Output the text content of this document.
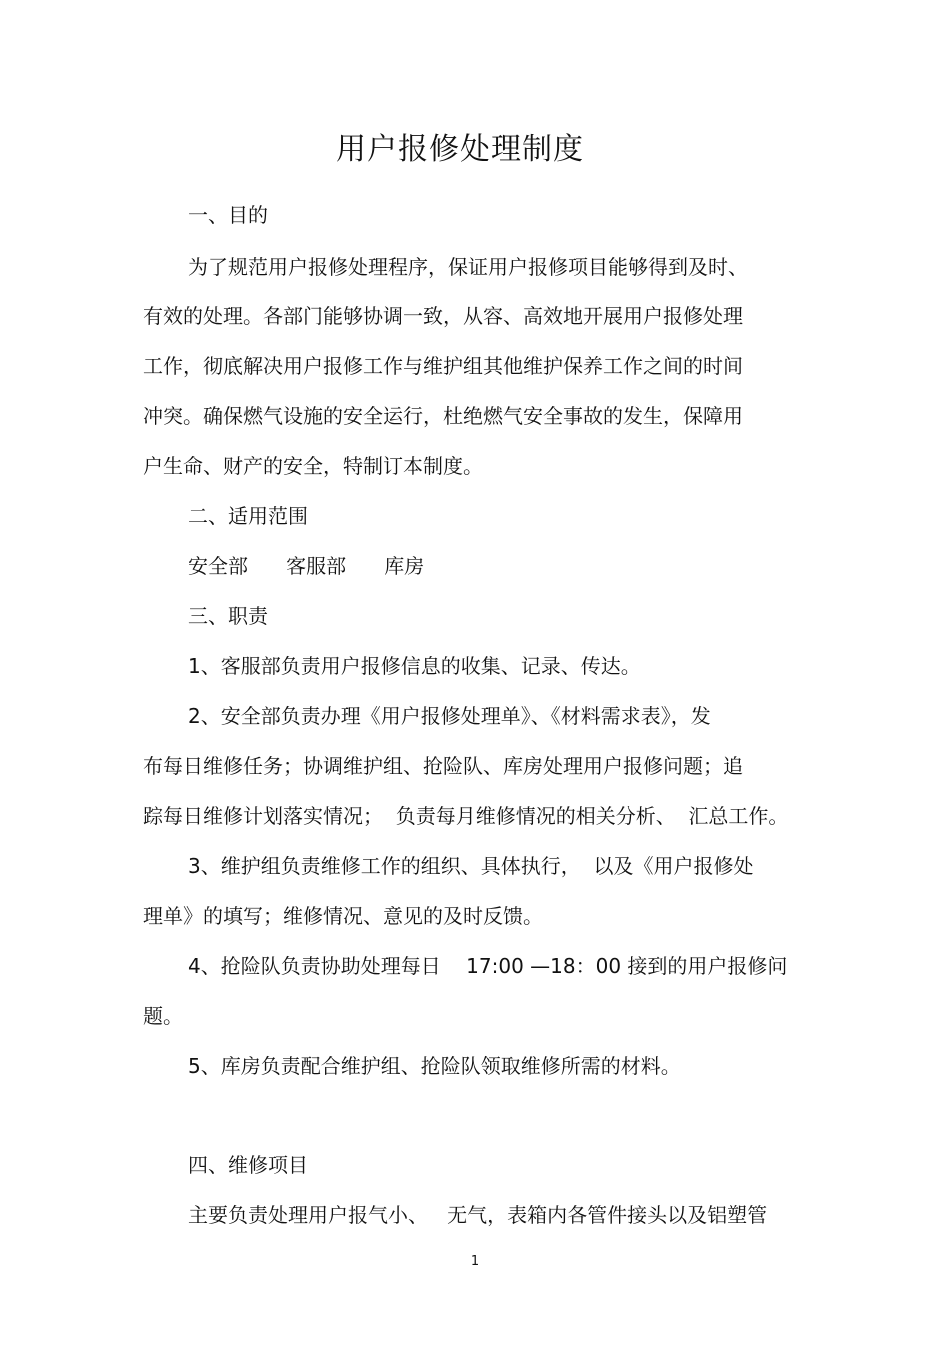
用户报修处理制度
一、目的
为了规范用户报修处理程序，保证用户报修项目能够得到及时、
有效的处理。各部门能够协调一致，从容、高效地开展用户报修处理
工作，彻底解决用户报修工作与维护组其他维护保养工作之间的时间
冲突。确保燃气设施的安全运行，杜绝燃气安全事故的发生，保障用
户生命、财产的安全，特制订本制度。
二、适用范围
安全部      客服部      库房
三、职责
1、客服部负责用户报修信息的收集、记录、传达。
2、安全部负责办理《用户报修处理单》、《材料需求表》，发
布每日维修任务；协调维护组、抢险队、库房处理用户报修问题；追
踪每日维修计划落实情况；  负责每月维修情况的相关分析、  汇总工作。
3、维护组负责维修工作的组织、具体执行，  以及《用户报修处
理单》的填写；维修情况、意见的及时反馈。
4、抢险队负责协助处理每日    17:00 —18：00 接到的用户报修问
题。
5、库房负责配合维护组、抢险队领取维修所需的材料。
四、维修项目
主要负责处理用户报气小、   无气，表箱内各管件接头以及铝塑管
1
